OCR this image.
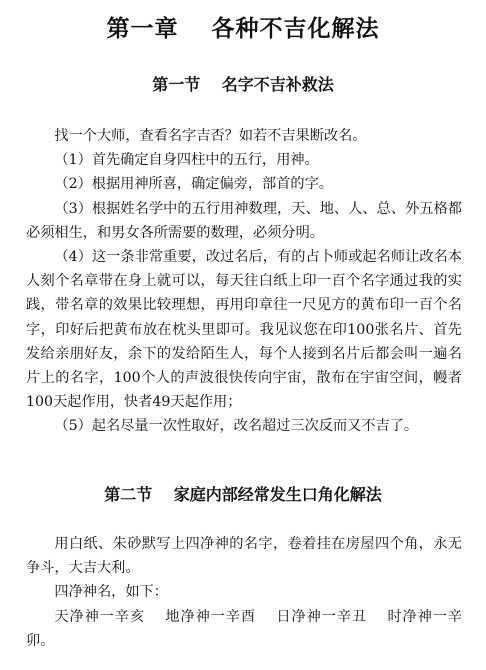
第一章　 各种不吉化解法
第一节　 名字不吉补救法

找一个大师，查看名字吉否？如若不吉果断改名。

（1）首先确定自身四柱中的五行，用神。

（2）根据用神所喜，确定偏旁，部首的字。

（3）根据姓名学中的五行用神数理，天、地、人、总、外五格都必须相生，和男女各所需要的数理，必须分明。

（4）这一条非常重要，改过名后，有的占卜师或起名师让改名本人刻个名章带在身上就可以，每天往白纸上印一百个名字通过我的实践，带名章的效果比较理想，再用印章往一尺见方的黄布印一百个名字，印好后把黄布放在枕头里即可。我见议您在印100张名片、首先发给亲朋好友，余下的发给陌生人，每个人接到名片后都会叫一遍名片上的名字，100个人的声波很快传向宇宙，散布在宇宙空间，幔者100天起作用，快者49天起作用；

（5）起名尽量一次性取好，改名超过三次反而又不吉了。

第二节　 家庭内部经常发生口角化解法

用白纸、朱砂默写上四净神的名字，卷着挂在房屋四个角，永无争斗，大吉大利。

四净神名，如下：

天净神一辛亥　 地净神一辛酉　 日净神一辛丑　 时净神一辛卯。
